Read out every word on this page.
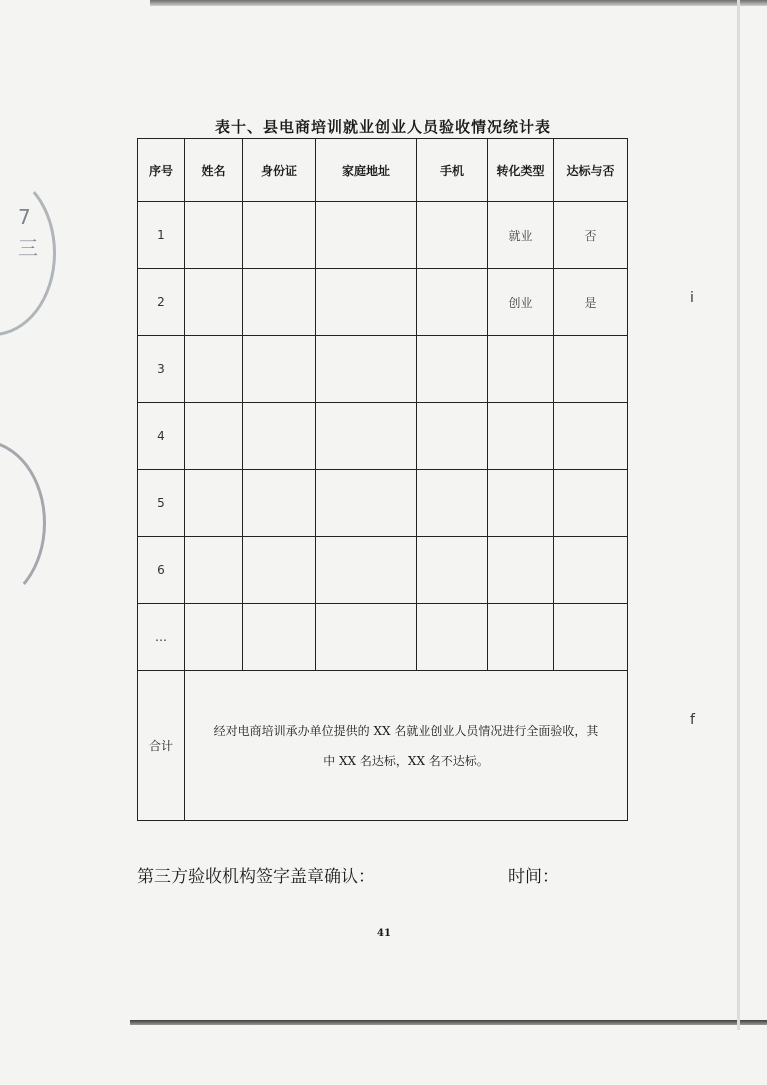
7
三
i
f
表十、县电商培训就业创业人员验收情况统计表
序号	姓名	身份证	家庭地址	手机	转化类型	达标与否
1					就业	否
2					创业	是
3						
4						
5						
6						
…						
合计	经对电商培训承办单位提供的 XX 名就业创业人员情况进行全面验收，其
中 XX 名达标，XX 名不达标。					
第三方验收机构签字盖章确认：	时间：
41
